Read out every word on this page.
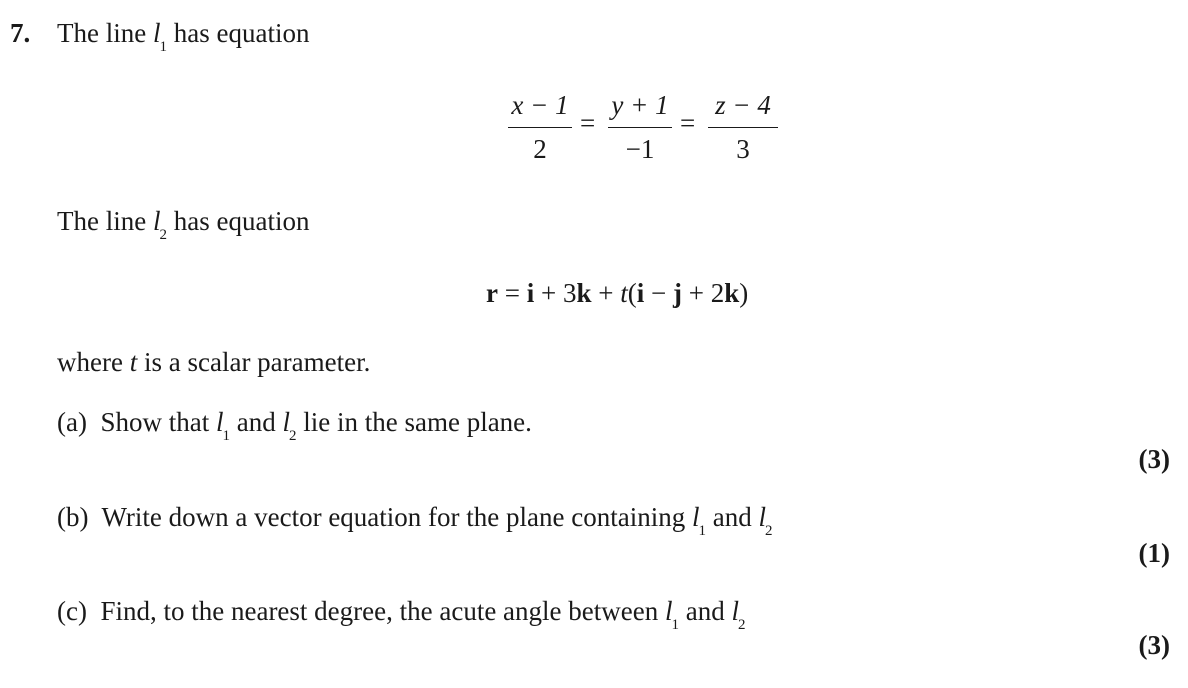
7. The line $l_1$ has equation
x − 1
2
=
y + 1
−1
=
z − 4
3
The line $l_2$ has equation
r = i + 3k + t(i − j + 2k)
where t is a scalar parameter.
(a) Show that $l_1$ and $l_2$ lie in the same plane.
(3)
(b) Write down a vector equation for the plane containing $l_1$ and $l_2$
(1)
(c) Find, to the nearest degree, the acute angle between $l_1$ and $l_2$
(3)
